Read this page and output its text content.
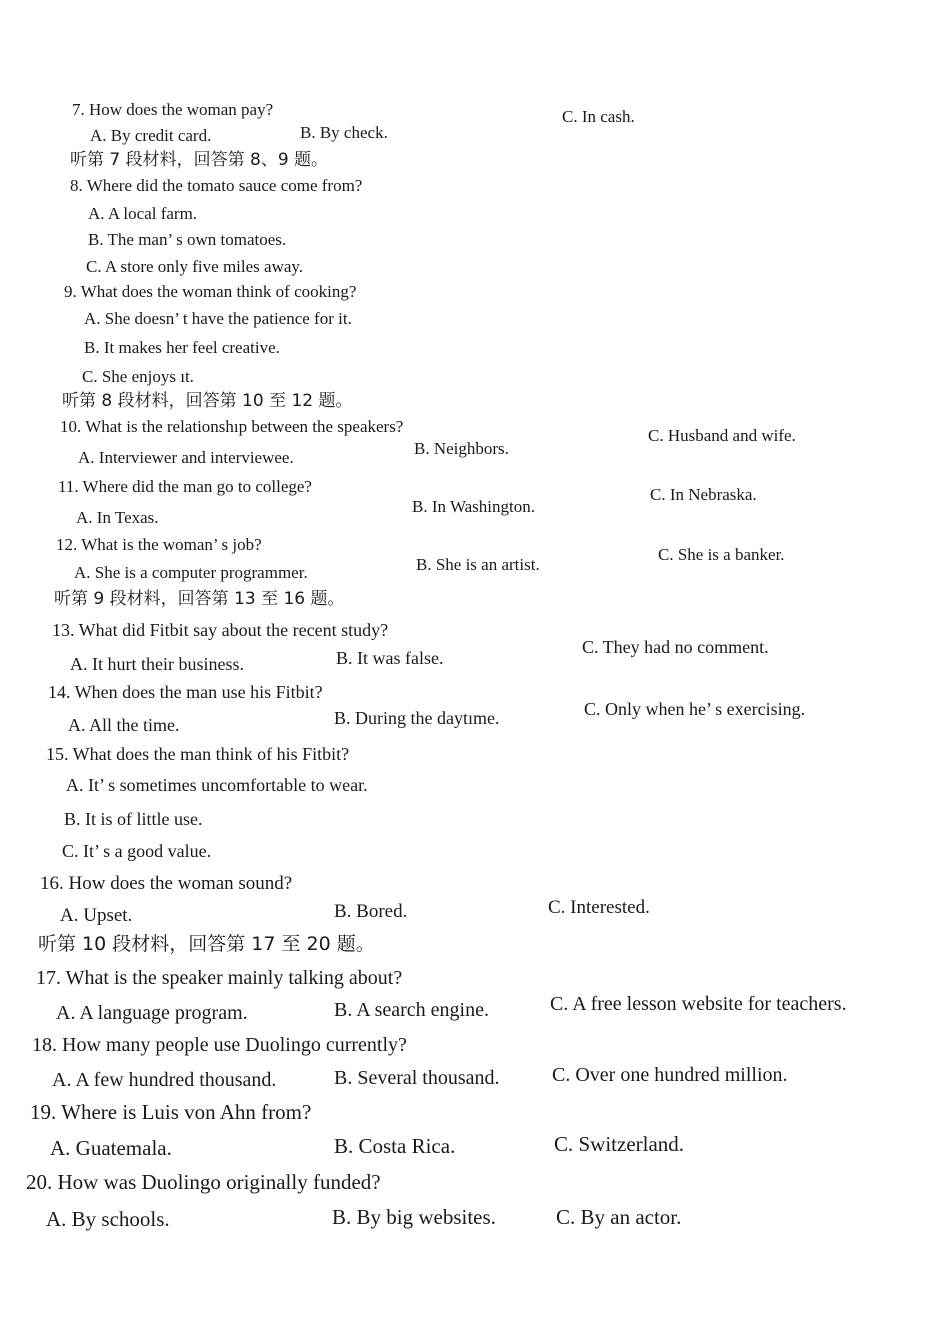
7. How does the woman pay?
A. By credit card.	B. By check.
C. In cash.
听第 7 段材料，回答第 8、9 题。
8. Where did the tomato sauce come from?
A. A local farm.
B. The man’ s own tomatoes.
C. A store only five miles away.
9. What does the woman think of cooking?
A. She doesn’ t have the patience for it.
B. It makes her feel creative.
C. She enjoys ıt.
听第 8 段材料，回答第 10 至 12 题。
10. What is the relationshıp between the speakers?
A. Interviewer and interviewee.	B. Neighbors.
C. Husband and wife.
11. Where did the man go to college?
A. In Texas.
B. In Washington.
C. In Nebraska.
12. What is the woman’ s job?
A. She is a computer programmer.	B. She is an artist.
C. She is a banker.
听第 9 段材料，回答第 13 至 16 题。
13. What did Fitbit say about the recent study?
A. It hurt their business.	B. It was false.
C. They had no comment.
14. When does the man use his Fitbit?
A. All the time.	B. During the daytıme.	C. Only when he’ s exercising.
15. What does the man think of his Fitbit?
A. It’ s sometimes uncomfortable to wear.
B. It is of little use.
C. It’ s a good value.
16. How does the woman sound?
A. Upset.	B. Bored.	C. Interested.
听第 10 段材料，回答第 17 至 20 题。
17. What is the speaker mainly talking about?
A. A language program.	B. A search engine.	C. A free lesson website for teachers.
18. How many people use Duolingo currently?
A. A few hundred thousand.	B. Several thousand.	C. Over one hundred million.
19. Where is Luis von Ahn from?
A. Guatemala.	B. Costa Rica.	C. Switzerland.
20. How was Duolingo originally funded?
A. By schools.	B. By big websites.	C. By an actor.
